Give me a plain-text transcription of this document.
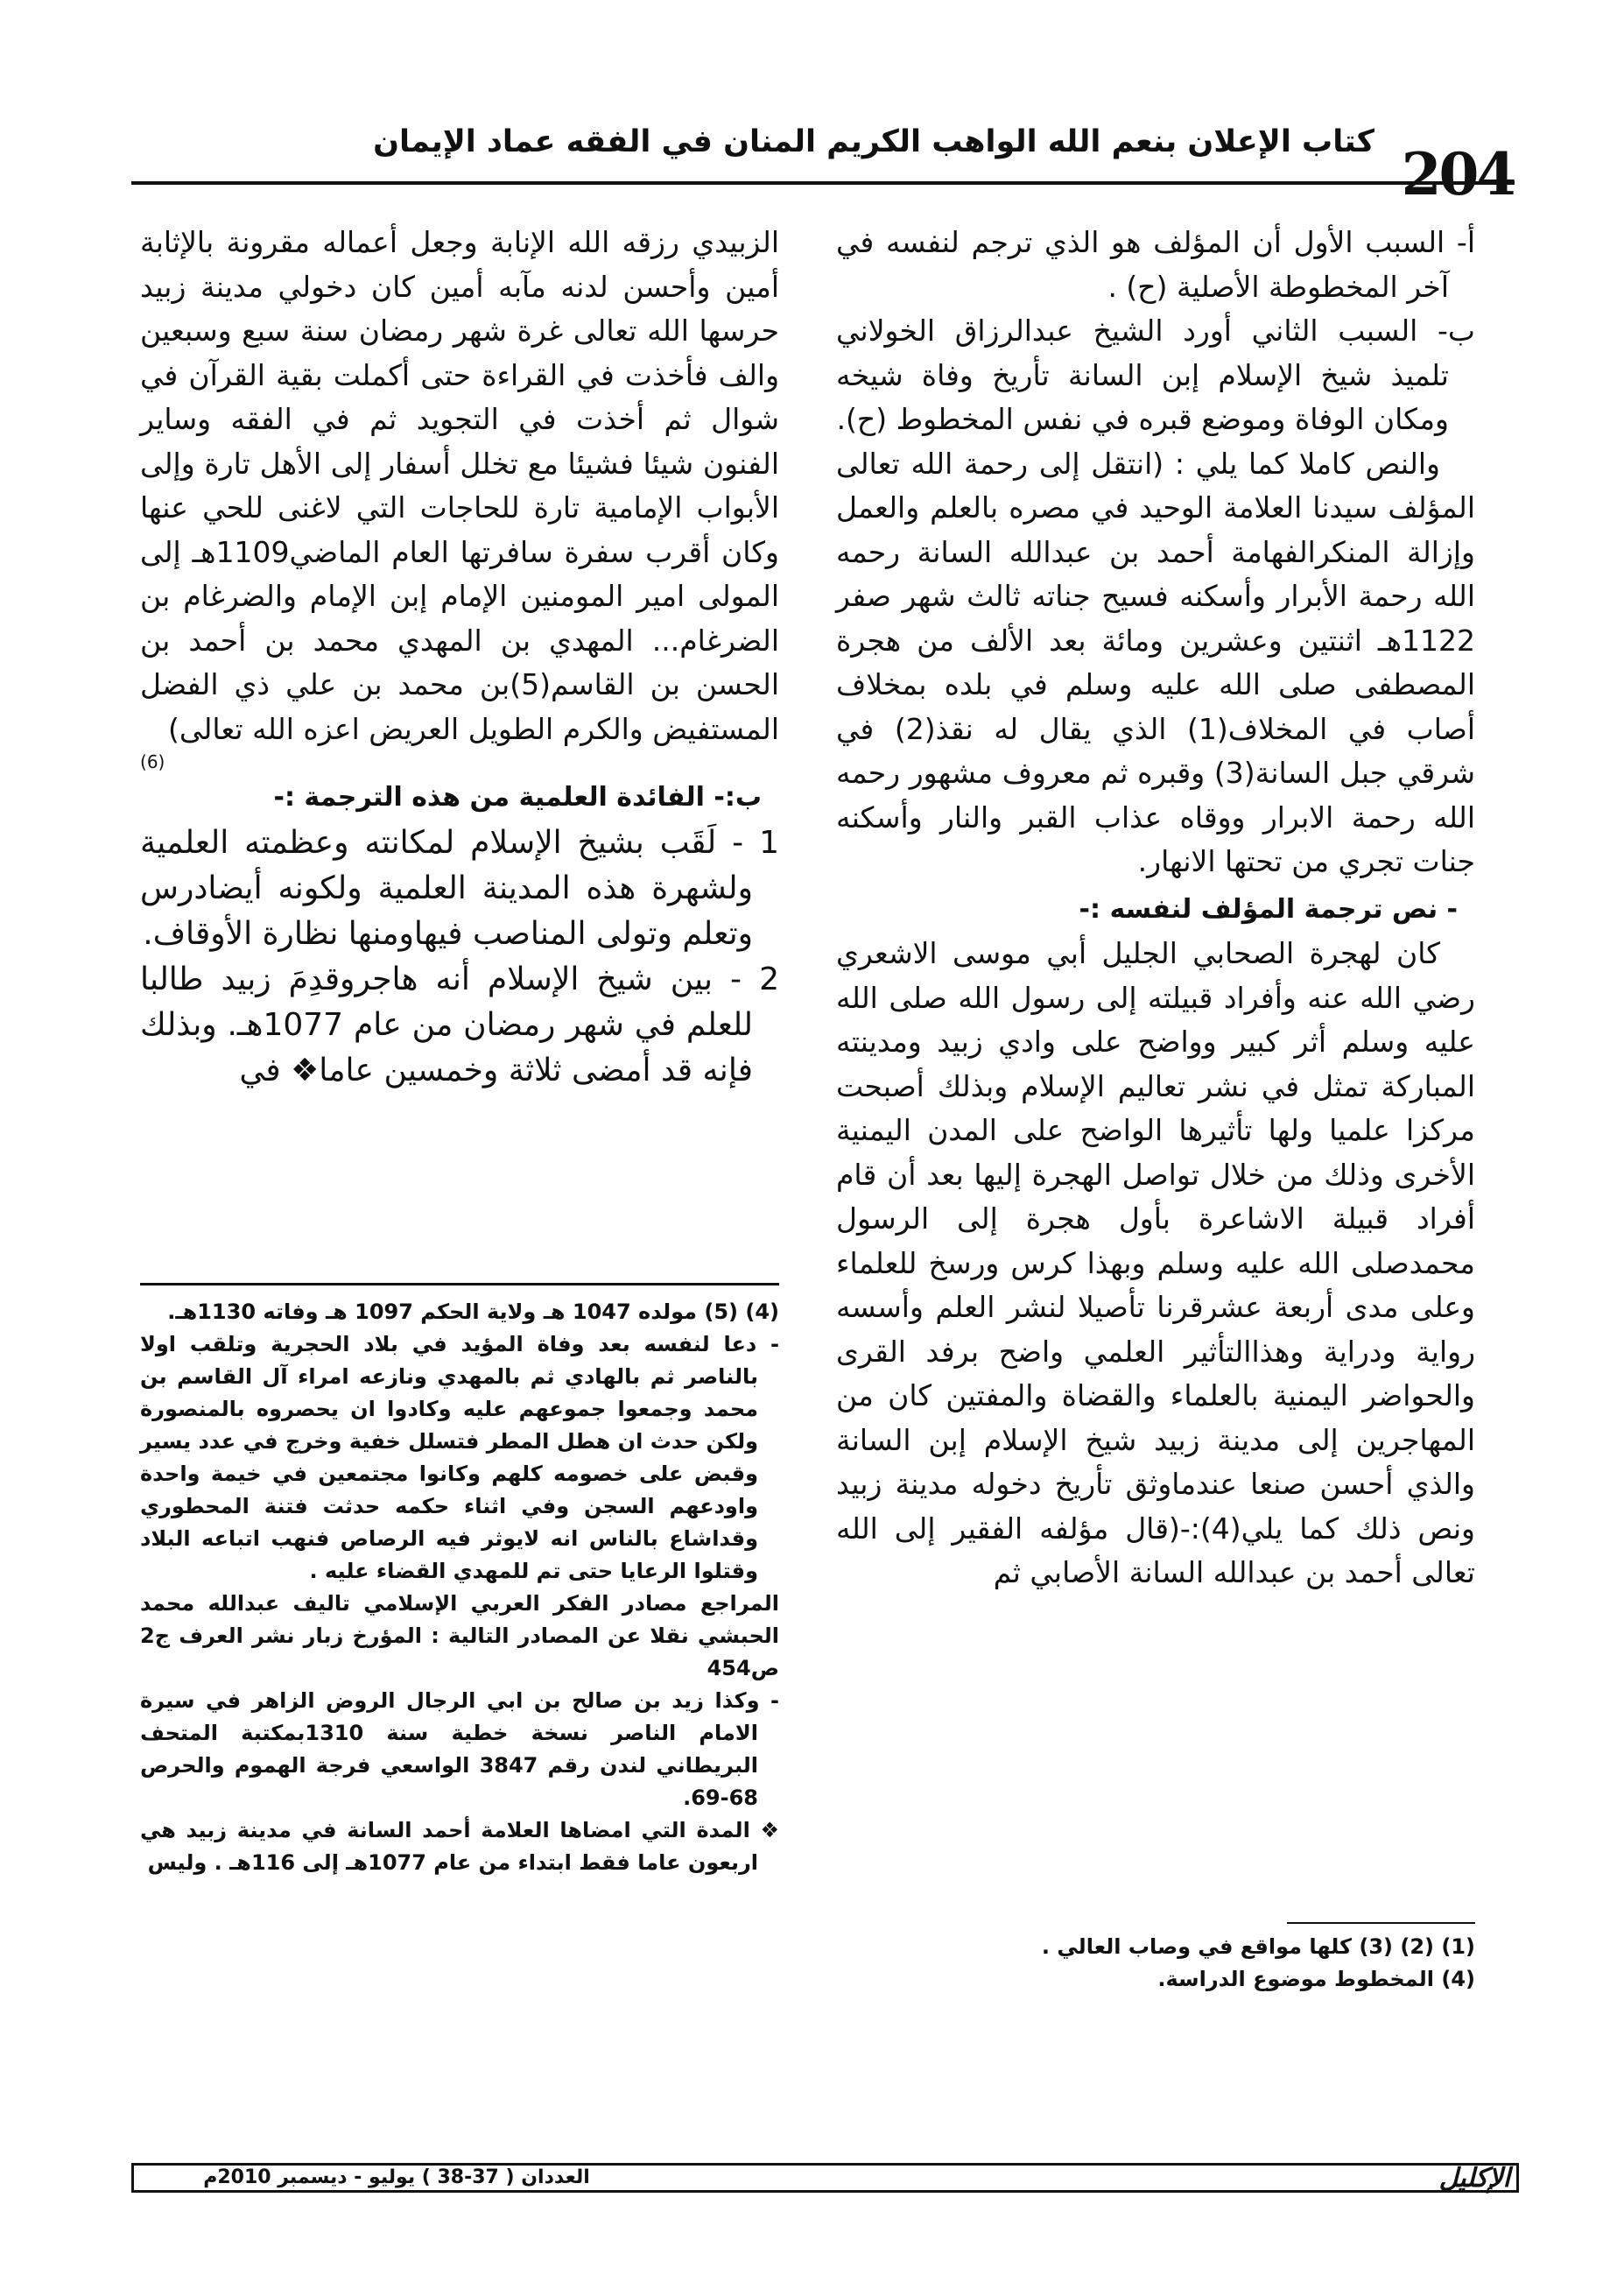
204
كتاب الإعلان بنعم الله الواهب الكريم المنان في الفقه عماد الإيمان

أ- السبب الأول أن المؤلف هو الذي ترجم لنفسه في آخر المخطوطة الأصلية (ح) .

ب- السبب الثاني أورد الشيخ عبدالرزاق الخولاني تلميذ شيخ الإسلام إبن السانة تأريخ وفاة شيخه ومكان الوفاة وموضع قبره في نفس المخطوط (ح).

والنص كاملا كما يلي : (انتقل إلى رحمة الله تعالى المؤلف سيدنا العلامة الوحيد في مصره بالعلم والعمل وإزالة المنكرالفهامة أحمد بن عبدالله السانة رحمه الله رحمة الأبرار وأسكنه فسيح جناته ثالث شهر صفر 1122هـ اثنتين وعشرين ومائة بعد الألف من هجرة المصطفى صلى الله عليه وسلم في بلده بمخلاف أصاب في المخلاف(1) الذي يقال له نقذ(2) في شرقي جبل السانة(3) وقبره ثم معروف مشهور رحمه الله رحمة الابرار ووقاه عذاب القبر والنار وأسكنه جنات تجري من تحتها الانهار.

- نص ترجمة المؤلف لنفسه :-

كان لهجرة الصحابي الجليل أبي موسى الاشعري رضي الله عنه وأفراد قبيلته إلى رسول الله صلى الله عليه وسلم أثر كبير وواضح على وادي زبيد ومدينته المباركة تمثل في نشر تعاليم الإسلام وبذلك أصبحت مركزا علميا ولها تأثيرها الواضح على المدن اليمنية الأخرى وذلك من خلال تواصل الهجرة إليها بعد أن قام أفراد قبيلة الاشاعرة بأول هجرة إلى الرسول محمدصلى الله عليه وسلم وبهذا كرس ورسخ للعلماء وعلى مدى أربعة عشرقرنا تأصيلا لنشر العلم وأسسه رواية ودراية وهذاالتأثير العلمي واضح برفد القرى والحواضر اليمنية بالعلماء والقضاة والمفتين كان من المهاجرين إلى مدينة زبيد شيخ الإسلام إبن السانة والذي أحسن صنعا عندماوثق تأريخ دخوله مدينة زبيد ونص ذلك كما يلي(4):-(قال مؤلفه الفقير إلى الله تعالى أحمد بن عبدالله السانة الأصابي ثم

الزبيدي رزقه الله الإنابة وجعل أعماله مقرونة بالإثابة أمين وأحسن لدنه مآبه أمين كان دخولي مدينة زبيد حرسها الله تعالى غرة شهر رمضان سنة سبع وسبعين والف فأخذت في القراءة حتى أكملت بقية القرآن في شوال ثم أخذت في التجويد ثم في الفقه وساير الفنون شيئا فشيئا مع تخلل أسفار إلى الأهل تارة وإلى الأبواب الإمامية تارة للحاجات التي لاغنى للحي عنها وكان أقرب سفرة سافرتها العام الماضي1109هـ إلى المولى امير المومنين الإمام إبن الإمام والضرغام بن الضرغام... المهدي بن المهدي محمد بن أحمد بن الحسن بن القاسم(5)بن محمد بن علي ذي الفضل المستفيض والكرم الطويل العريض اعزه الله تعالى)

(6)

ب:- الفائدة العلمية من هذه الترجمة :-

1 - لَقَب بشيخ الإسلام لمكانته وعظمته العلمية ولشهرة هذه المدينة العلمية ولكونه أيضادرس وتعلم وتولى المناصب فيهاومنها نظارة الأوقاف.

2 - بين شيخ الإسلام أنه هاجروقدِمَ زبيد طالبا للعلم في شهر رمضان من عام 1077هـ. وبذلك فإنه قد أمضى ثلاثة وخمسين عاما❖ في

(4) (5) مولده 1047 هـ ولاية الحكم 1097 هـ وفاته 1130هـ.

- دعا لنفسه بعد وفاة المؤيد في بلاد الحجرية وتلقب اولا بالناصر ثم بالهادي ثم بالمهدي ونازعه امراء آل القاسم بن محمد وجمعوا جموعهم عليه وكادوا ان يحصروه بالمنصورة ولكن حدث ان هطل المطر فتسلل خفية وخرج في عدد يسير وقبض على خصومه كلهم وكانوا مجتمعين في خيمة واحدة واودعهم السجن وفي اثناء حكمه حدثت فتنة المحطوري وقداشاع بالناس انه لايوثر فيه الرصاص فنهب اتباعه البلاد وقتلوا الرعايا حتى تم للمهدي القضاء عليه .

المراجع مصادر الفكر العربي الإسلامي تاليف عبدالله محمد الحبشي نقلا عن المصادر التالية : المؤرخ زبار نشر العرف ج2 ص454

- وكذا زيد بن صالح بن ابي الرجال الروض الزاهر في سيرة الامام الناصر نسخة خطية سنة 1310بمكتبة المتحف البريطاني لندن رقم 3847 الواسعي فرجة الهموم والحرص 68-69.

❖ المدة التي امضاها العلامة أحمد السانة في مدينة زبيد هي اربعون عاما فقط ابتداء من عام 1077هـ إلى 116هـ . وليس

(1) (2) (3) كلها مواقع في وصاب العالي .

(4) المخطوط موضوع الدراسة.

الإكليل
العددان ( 37-38 ) يوليو - ديسمبر 2010م
